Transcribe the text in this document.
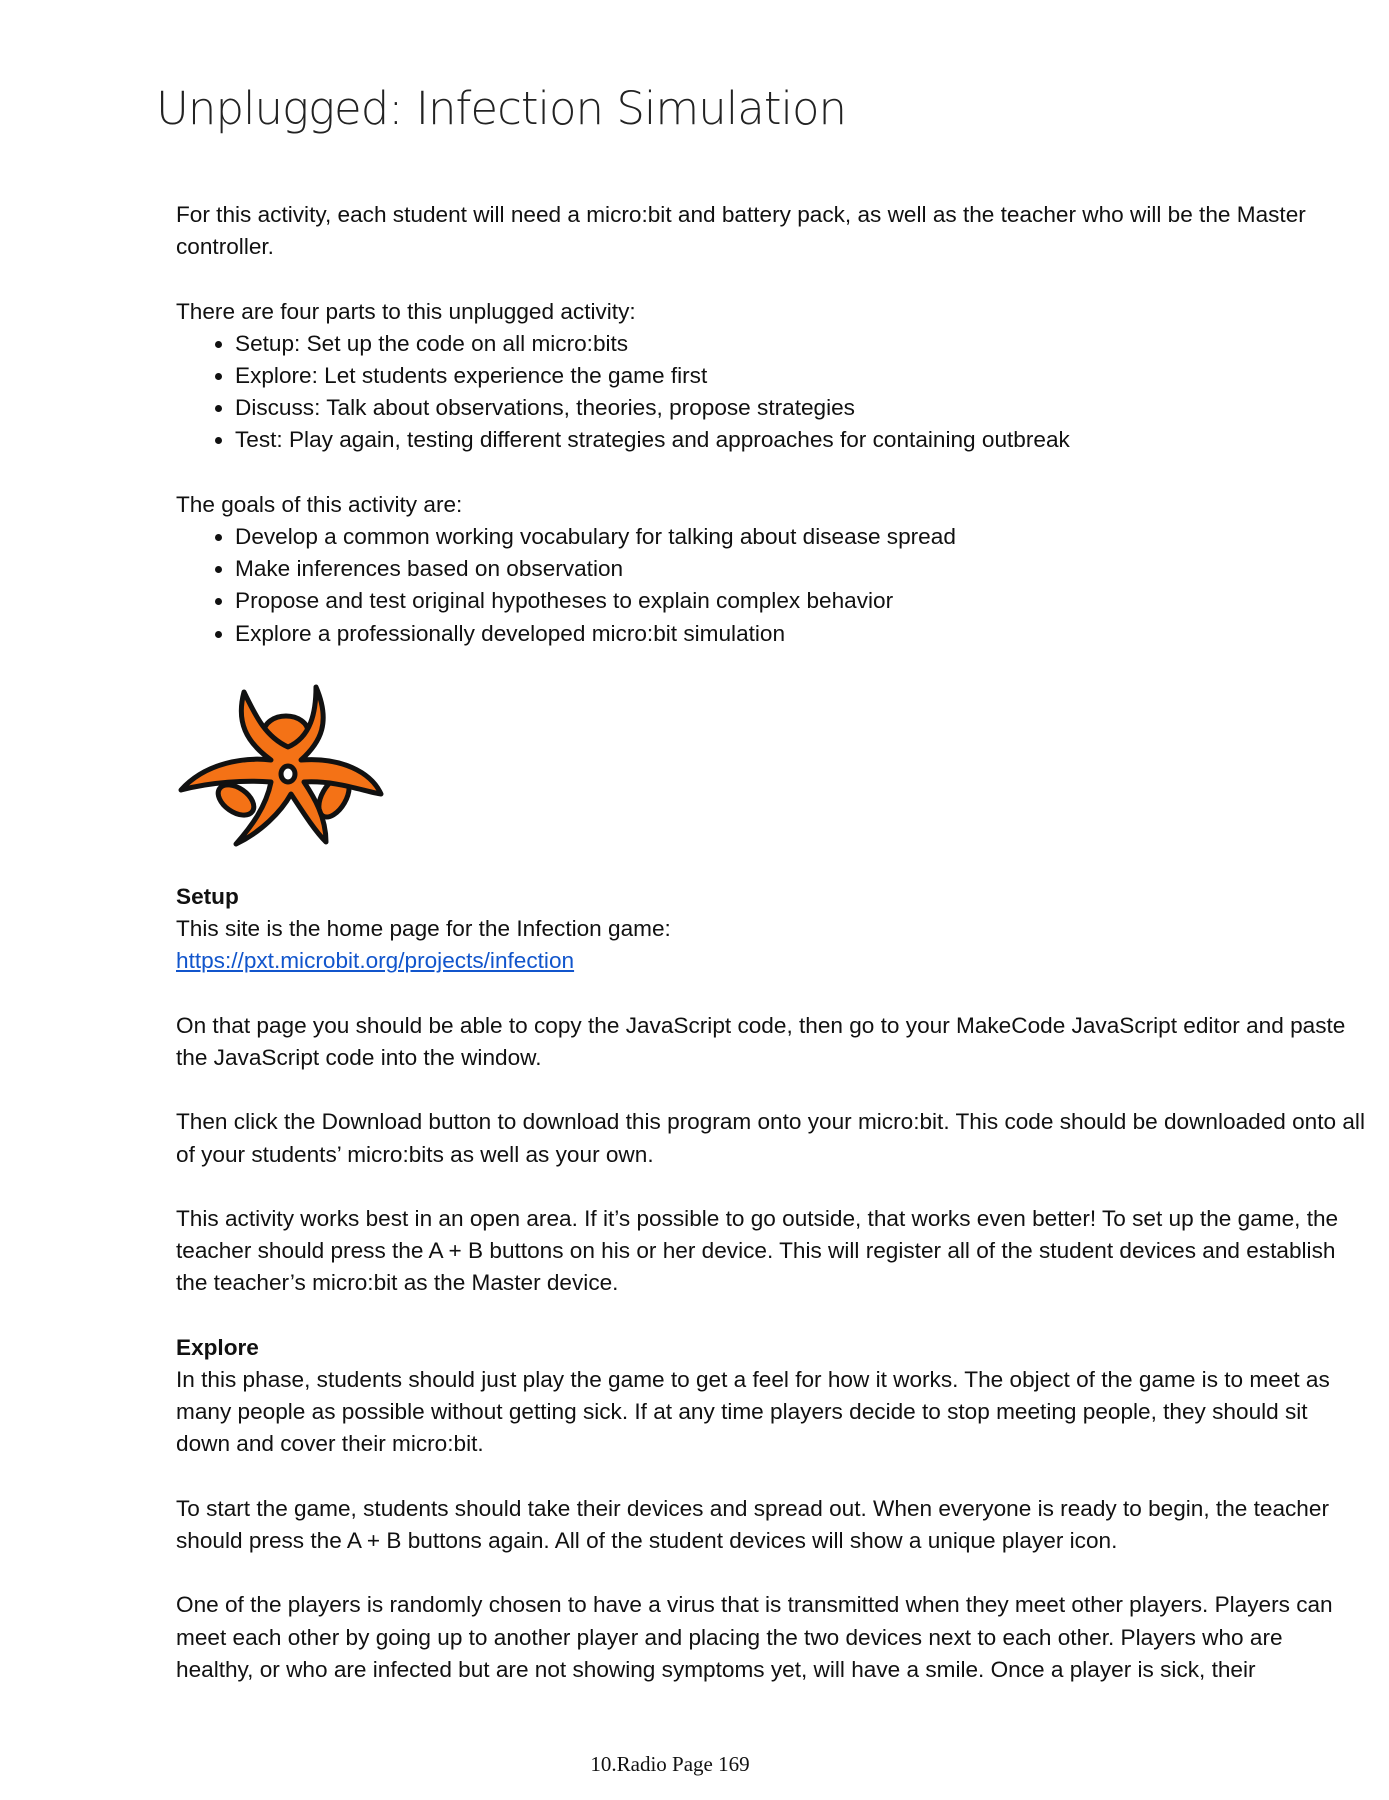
Unplugged: Infection Simulation

For this activity, each student will need a micro:bit and battery pack, as well as the teacher who will be the Master controller.

There are four parts to this unplugged activity:
• Setup: Set up the code on all micro:bits
• Explore: Let students experience the game first
• Discuss: Talk about observations, theories, propose strategies
• Test: Play again, testing different strategies and approaches for containing outbreak
The goals of this activity are:
• Develop a common working vocabulary for talking about disease spread
• Make inferences based on observation
• Propose and test original hypotheses to explain complex behavior
• Explore a professionally developed micro:bit simulation
Setup
This site is the home page for the Infection game:

https://pxt.microbit.org/projects/infection

On that page you should be able to copy the JavaScript code, then go to your MakeCode JavaScript editor and paste the JavaScript code into the window.

Then click the Download button to download this program onto your micro:bit. This code should be downloaded onto all of your students’ micro:bits as well as your own.

This activity works best in an open area. If it’s possible to go outside, that works even better! To set up the game, the teacher should press the A + B buttons on his or her device. This will register all of the student devices and establish the teacher’s micro:bit as the Master device.

Explore

In this phase, students should just play the game to get a feel for how it works. The object of the game is to meet as many people as possible without getting sick. If at any time players decide to stop meeting people, they should sit down and cover their micro:bit.

To start the game, students should take their devices and spread out. When everyone is ready to begin, the teacher should press the A + B buttons again. All of the student devices will show a unique player icon.

One of the players is randomly chosen to have a virus that is transmitted when they meet other players. Players can meet each other by going up to another player and placing the two devices next to each other. Players who are healthy, or who are infected but are not showing symptoms yet, will have a smile. Once a player is sick, their

10.Radio Page 169
